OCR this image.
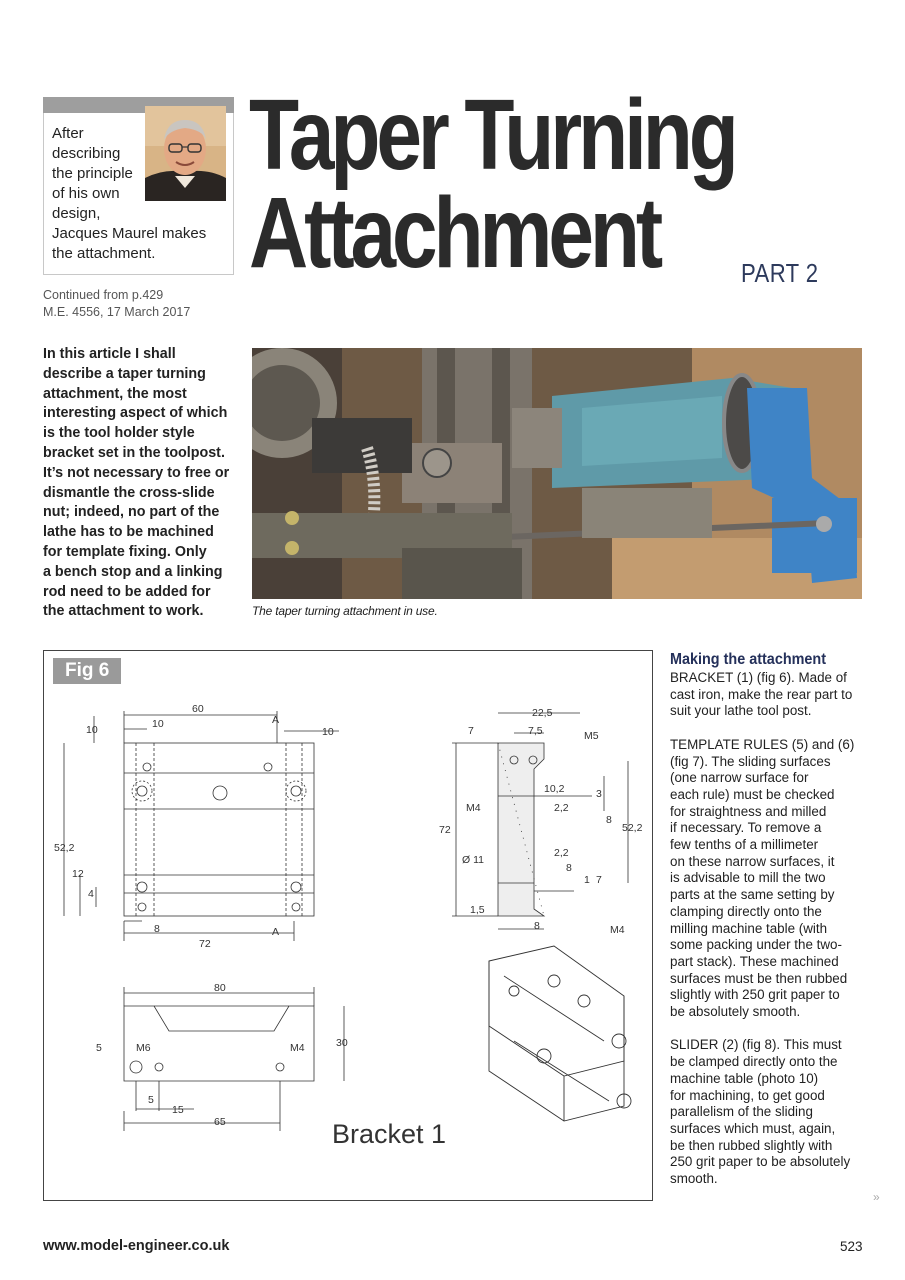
After
describing
the principle
of his own
design,
Jacques Maurel makes
the attachment.
Taper Turning
Attachment	PART 2
Continued from p.429
M.E. 4556, 17 March 2017
In this article I shall
describe a taper turning
attachment, the most
interesting aspect of which
is the tool holder style
bracket set in the toolpost.
It’s not necessary to free or
dismantle the cross-slide
nut; indeed, no part of the
lathe has to be machined
for template fixing. Only
a bench stop and a linking
rod need to be added for
the attachment to work.	The taper turning attachment in use.
60
10
10	10
A
A
52,2
12
4
8
72
80
30
5
5
15
65
M6	M4
22,5
7	7,5	M5
10,2	3
2,2
8
52,2
72
M4
Ø 11
2,2
8
1 7
1,5
8	M4
Bracket 1
Fig 6
Making the attachment
BRACKET (1) (fig 6). Made of
cast iron, make the rear part to
suit your lathe tool post.
TEMPLATE RULES (5) and (6)
(fig 7). The sliding surfaces
(one narrow surface for
each rule) must be checked
for straightness and milled
if necessary. To remove a
few tenths of a millimeter
on these narrow surfaces, it
is advisable to mill the two
parts at the same setting by
clamping directly onto the
milling machine table (with
some packing under the two-
part stack). These machined
surfaces must be then rubbed
slightly with 250 grit paper to
be absolutely smooth.
SLIDER (2) (fig 8). This must
be clamped directly onto the
machine table (photo 10)
for machining, to get good
parallelism of the sliding
surfaces which must, again,
be then rubbed slightly with
250 grit paper to be absolutely
smooth.
»
www.model-engineer.co.uk	523
